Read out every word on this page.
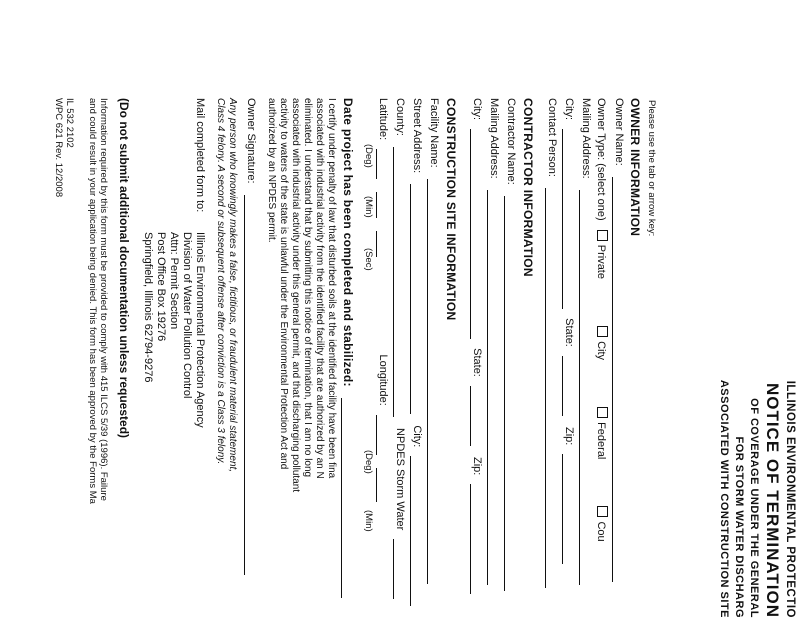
ILLINOIS ENVIRONMENTAL PROTECTIO
NOTICE OF TERMINATION
OF COVERAGE UNDER THE GENERAL
FOR STORM WATER DISCHARG
ASSOCIATED WITH CONSTRUCTION SITE
Please use the tab or arrow key:
OWNER INFORMATION
Owner Name:
Owner Type: (select one) Private City Federal Cou
Mailing Address:
City:  State:  Zip:
Contact Person:
CONTRACTOR INFORMATION
Contractor Name:
Mailing Address:
City:  State:  Zip:
CONSTRUCTION SITE INFORMATION
Facility Name:
Street Address:  City:
County:  NPDES Storm Water
Latitude:    Longitude:
(Deg)
(Min)
(Sec)
(Deg)
(Min)
Date project has been completed and stabilized:
I certify under penalty of law that disturbed soils at the identified facility have been fina
associated with industrial activity from the identified facility that are authorized by an N
eliminated. I understand that by submitting this notice of termination, that I am no long
associated with industrial activity under this general permit, and that discharging pollutant
activity to waters of the state is unlawful under the Environmental Protection Act and
authorized by an NPDES permit.
Owner Signature:
Any person who knowingly makes a false, fictitious, or fraudulent material statement,
Class 4 felony. A second or subsequent offense after conviction is a Class 3 felony.
Mail completed form to:
Illinois Environmental Protection Agency
Division of Water Pollution Control
Attn: Permit Section
Post Office Box 19276
Springfield, Illinois 62794-9276
(Do not submit additional documentation unless requested)
Information required by this form must be provided to comply with 415 ILCS 5/39 (1996). Failure
and could result in your application being denied. This form has been approved by the Forms Ma
IL 532 2102
WPC 621 Rev. 12/2008
